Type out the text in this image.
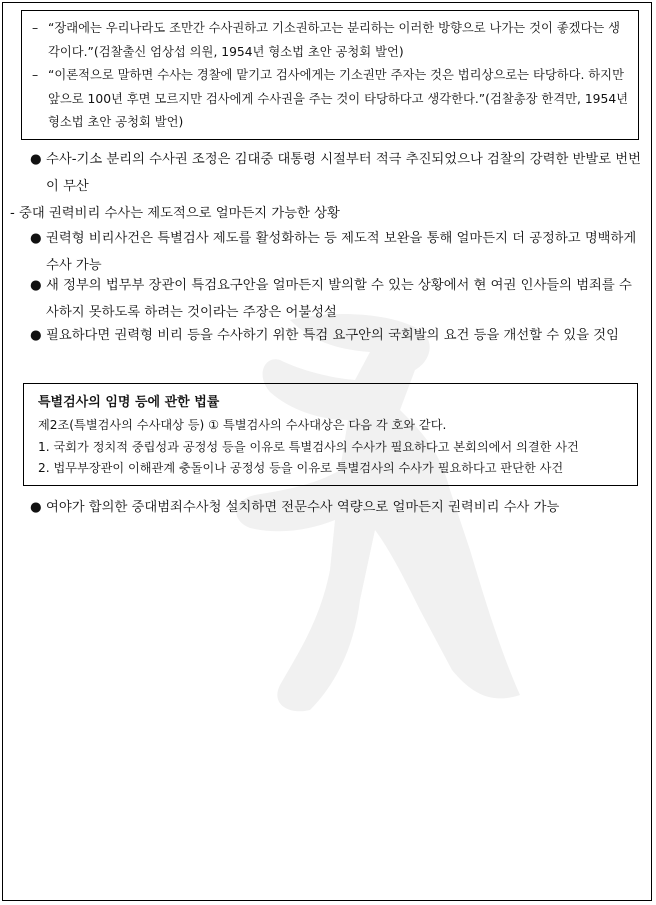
– “장래에는 우리나라도 조만간 수사권하고 기소권하고는 분리하는 이러한 방향으로 나가는 것이 좋겠다는 생각이다.”(검찰출신 엄상섭 의원, 1954년 형소법 초안 공청회 발언)
– “이론적으로 말하면 수사는 경찰에 맡기고 검사에게는 기소권만 주자는 것은 법리상으로는 타당하다. 하지만 앞으로 100년 후면 모르지만 검사에게 수사권을 주는 것이 타당하다고 생각한다.”(검찰총장 한격만, 1954년 형소법 초안 공청회 발언)
● 수사-기소 분리의 수사권 조정은 김대중 대통령 시절부터 적극 추진되었으나 검찰의 강력한 반발로 번번이 무산
- 중대 권력비리 수사는 제도적으로 얼마든지 가능한 상황
● 권력형 비리사건은 특별검사 제도를 활성화하는 등 제도적 보완을 통해 얼마든지 더 공정하고 명백하게 수사 가능
● 새 정부의 법무부 장관이 특검요구안을 얼마든지 발의할 수 있는 상황에서 현 여권 인사들의 범죄를 수사하지 못하도록 하려는 것이라는 주장은 어불성설
● 필요하다면 권력형 비리 등을 수사하기 위한 특검 요구안의 국회발의 요건 등을 개선할 수 있을 것임
특별검사의 임명 등에 관한 법률
제2조(특별검사의 수사대상 등) ① 특별검사의 수사대상은 다음 각 호와 같다.
1. 국회가 정치적 중립성과 공정성 등을 이유로 특별검사의 수사가 필요하다고 본회의에서 의결한 사건
2. 법무부장관이 이해관계 충돌이나 공정성 등을 이유로 특별검사의 수사가 필요하다고 판단한 사건
● 여야가 합의한 중대범죄수사청 설치하면 전문수사 역량으로 얼마든지 권력비리 수사 가능
